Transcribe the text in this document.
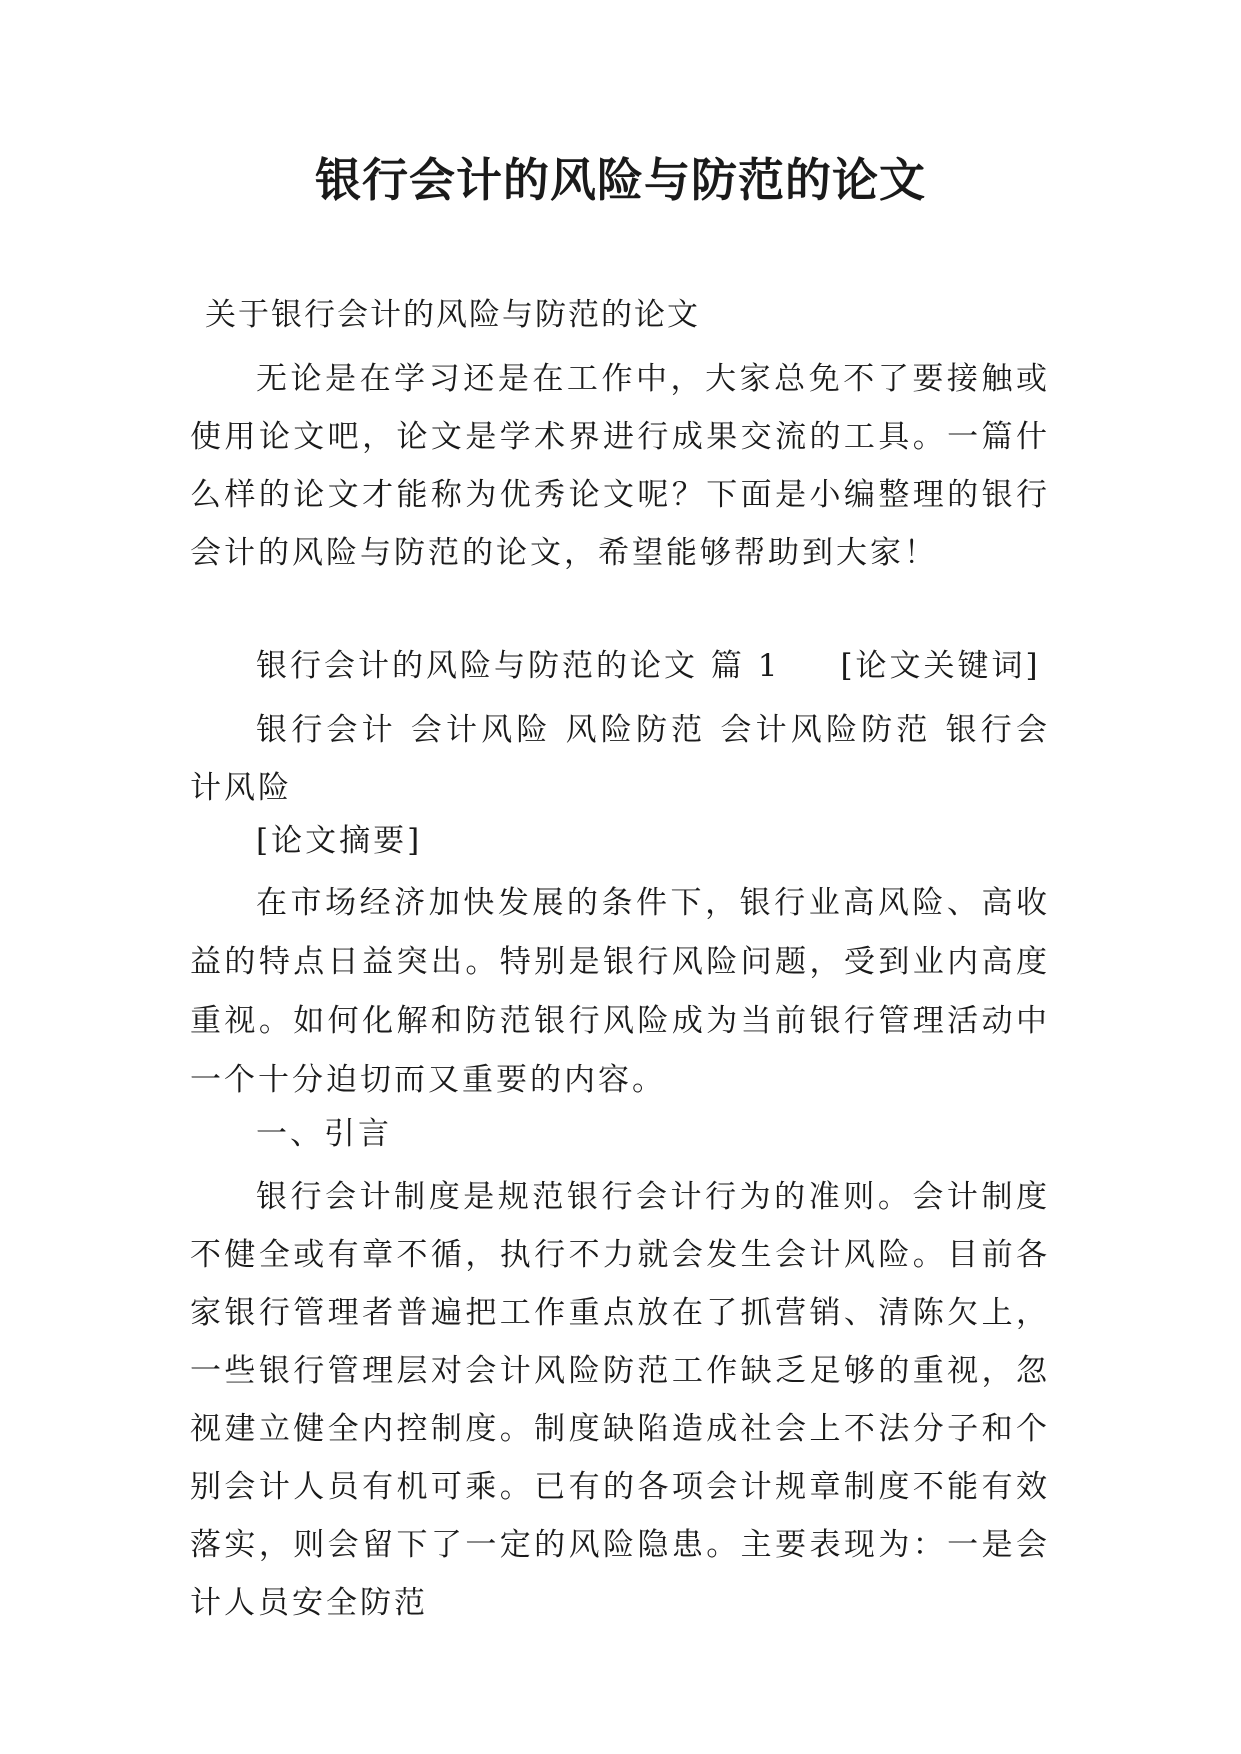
银行会计的风险与防范的论文

关于银行会计的风险与防范的论文

无论是在学习还是在工作中，大家总免不了要接触或使用论文吧，论文是学术界进行成果交流的工具。一篇什么样的论文才能称为优秀论文呢？下面是小编整理的银行会计的风险与防范的论文，希望能够帮助到大家！

银行会计的风险与防范的论文 篇 1 [论文关键词]

银行会计 会计风险 风险防范 会计风险防范 银行会计风险

[论文摘要]

在市场经济加快发展的条件下，银行业高风险、高收益的特点日益突出。特别是银行风险问题，受到业内高度重视。如何化解和防范银行风险成为当前银行管理活动中一个十分迫切而又重要的内容。

一、引言

银行会计制度是规范银行会计行为的准则。会计制度不健全或有章不循，执行不力就会发生会计风险。目前各家银行管理者普遍把工作重点放在了抓营销、清陈欠上，一些银行管理层对会计风险防范工作缺乏足够的重视，忽视建立健全内控制度。制度缺陷造成社会上不法分子和个别会计人员有机可乘。已有的各项会计规章制度不能有效落实，则会留下了一定的风险隐患。主要表现为：一是会计人员安全防范
